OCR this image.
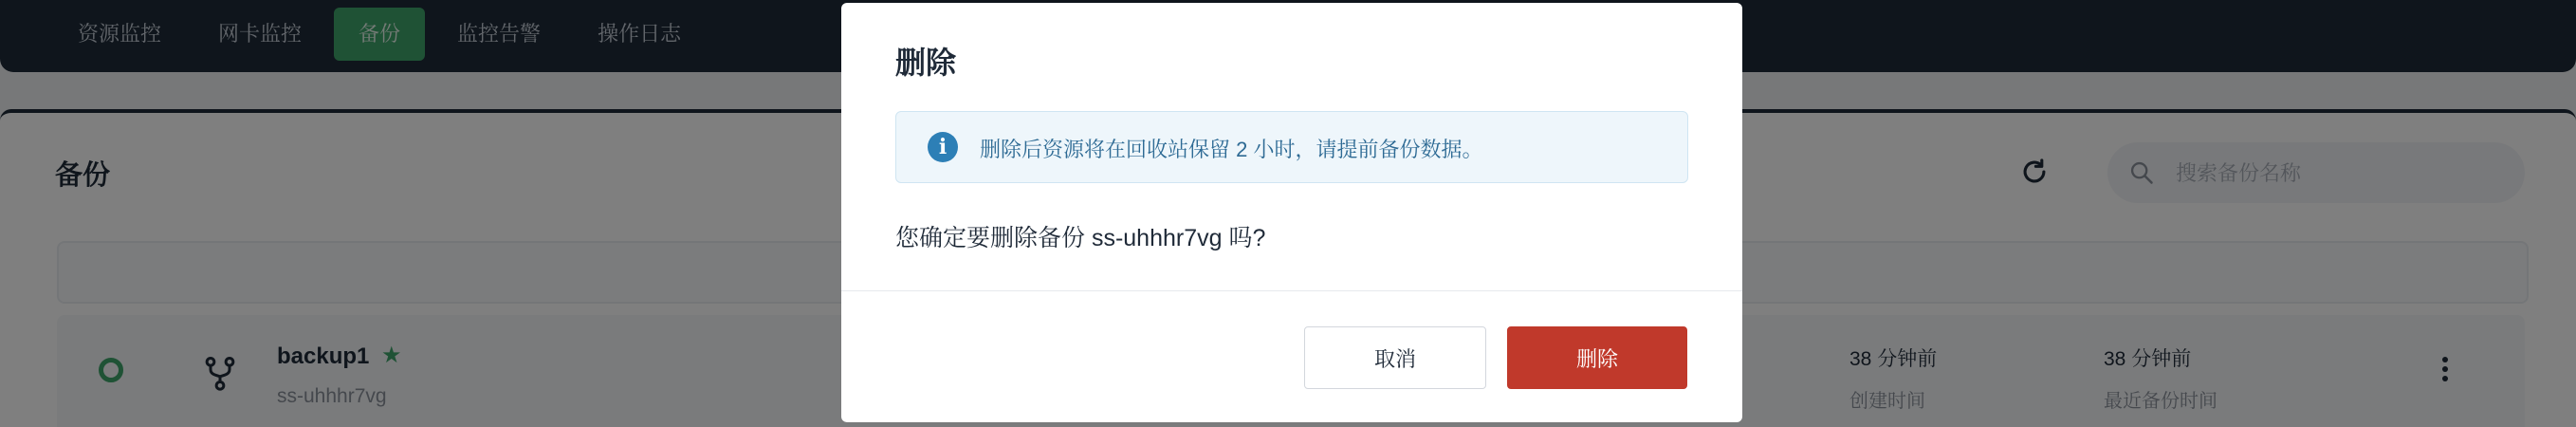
搜索备份名称
删除
i	删除后资源将在回收站保留 2 小时，请提前备份数据。
您确定要删除备份 ss-uhhhr7vg 吗?
取消	删除
